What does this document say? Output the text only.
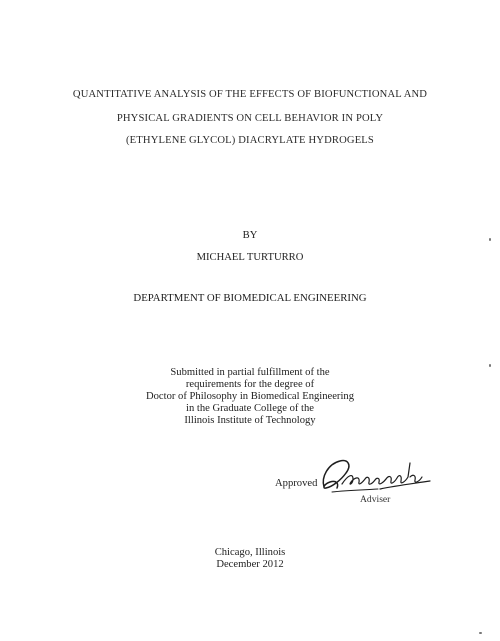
QUANTITATIVE ANALYSIS OF THE EFFECTS OF BIOFUNCTIONAL AND
PHYSICAL GRADIENTS ON CELL BEHAVIOR IN POLY
(ETHYLENE GLYCOL) DIACRYLATE HYDROGELS
BY
MICHAEL TURTURRO
DEPARTMENT OF BIOMEDICAL ENGINEERING
Submitted in partial fulfillment of the
requirements for the degree of
Doctor of Philosophy in Biomedical Engineering
in the Graduate College of the
Illinois Institute of Technology
Approved
Adviser
Chicago, Illinois
December 2012
